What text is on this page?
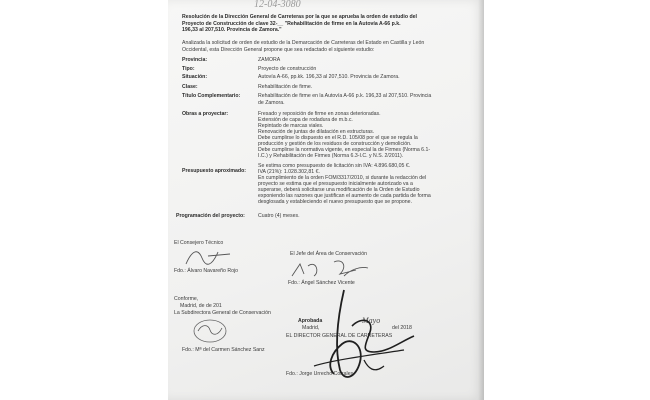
12-04-3080
Resolución de la Dirección General de Carreteras por la que se aprueba la orden de estudio del
Proyecto de Construcción de clave 32-__ "Rehabilitación de firme en la Autovía A-66 p.k.
196,33 al 207,510. Provincia de Zamora."
Analizada la solicitud de orden de estudio de la Demarcación de Carreteras del Estado en Castilla y León
Occidental, esta Dirección General propone que sea redactado el siguiente estudio:
Provincia:	ZAMORA
Tipo:	Proyecto de construcción
Situación:	Autovía A-66, pp.kk. 196,33 al 207,510. Provincia de Zamora.
Clase:	Rehabilitación de firme.
Título Complementario:	Rehabilitación de firme en la Autovía A-66 p.k. 196,33 al 207,510. Provincia
de Zamora.
Obras a proyectar:	Fresado y reposición de firme en zonas deterioradas.
Extensión de capa de rodadura de m.b.c.
Repintado de marcas viales.
Renovación de juntas de dilatación en estructuras.
Debe cumplirse lo dispuesto en el R.D. 105/08 por el que se regula la
producción y gestión de los residuos de construcción y demolición.
Debe cumplirse la normativa vigente, en especial la de Firmes (Norma 6.1-
I.C.) y Rehabilitación de Firmes (Norma 6.3-I.C. y N.S. 2/2011).
Presupuesto aproximado:
Se estima como presupuesto de licitación sin IVA: 4.896.680,05 €.
IVA (21%): 1.028.302,81 €.
En cumplimiento de la orden FOM/3317/2010, si durante la redacción del
proyecto se estima que el presupuesto inicialmente autorizado va a
superarse, deberá solicitarse una modificación de la Orden de Estudio
exponiendo las razones que justifican el aumento de cada partida de forma
desglosada y estableciendo el nuevo presupuesto que se propone.
Programación del proyecto:	Cuatro (4) meses.
El Consejero Técnico
Fdo.: Álvaro Navareño Rojo
El Jefe del Área de Conservación
Fdo.: Ángel Sánchez Vicente
Conforme,
Madrid, de de 201
La Subdirectora General de Conservación
Fdo.: Mª del Carmen Sánchez Sanz
Aprobada
Madrid,
Mayo
del 2018
EL DIRECTOR GENERAL DE CARRETERAS
Fdo.: Jorge Urrecho Corrales
